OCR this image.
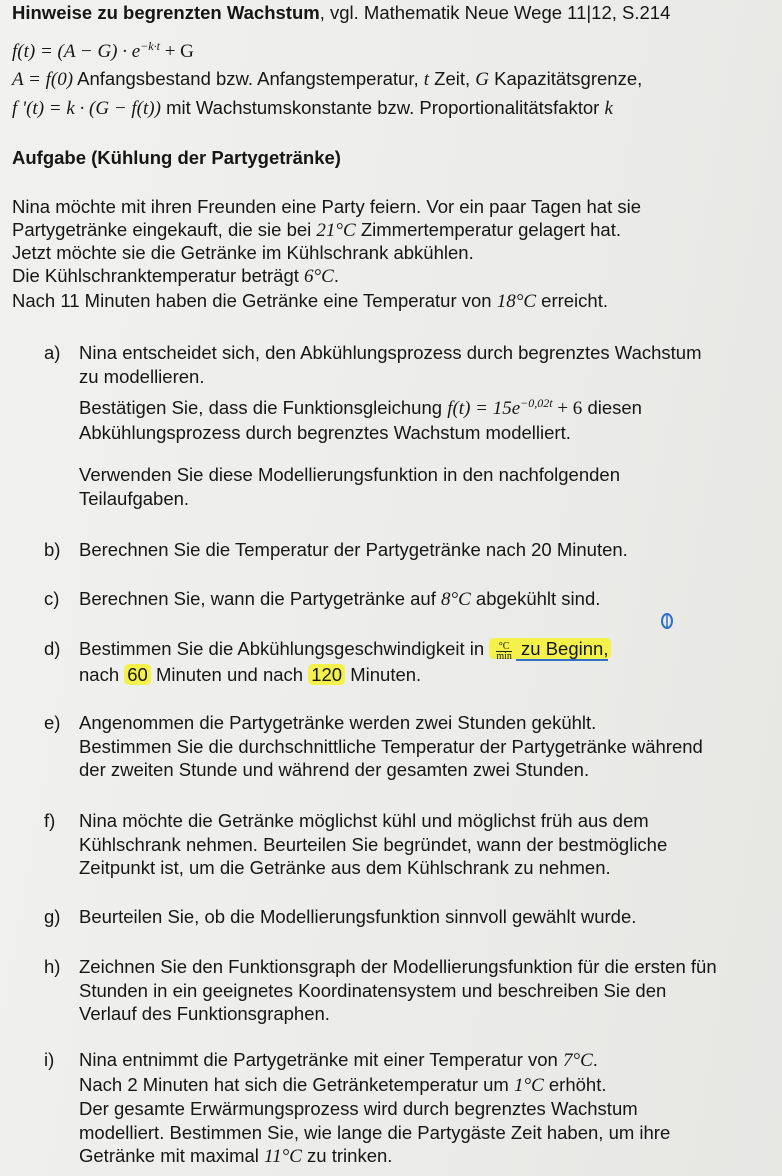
Hinweise zu begrenzten Wachstum, vgl. Mathematik Neue Wege 11|12, S.214
$f(t) = (A - G) \cdot e^{-k\cdot t} + G$
A = f(0) Anfangsbestand bzw. Anfangstemperatur, t Zeit, G Kapazitätsgrenze,
f '(t) = k · (G − f(t)) mit Wachstumskonstante bzw. Proportionalitätsfaktor k
Aufgabe (Kühlung der Partygetränke)
Nina möchte mit ihren Freunden eine Party feiern. Vor ein paar Tagen hat sie
Partygetränke eingekauft, die sie bei 21°C Zimmertemperatur gelagert hat.
Jetzt möchte sie die Getränke im Kühlschrank abkühlen.
Die Kühlschranktemperatur beträgt 6°C.
Nach 11 Minuten haben die Getränke eine Temperatur von 18°C erreicht.
a) Nina entscheidet sich, den Abkühlungsprozess durch begrenztes Wachstum
zu modellieren.
Bestätigen Sie, dass die Funktionsgleichung $f(t) = 15e^{-0,02t} + 6$ diesen
Abkühlungsprozess durch begrenztes Wachstum modelliert.
Verwenden Sie diese Modellierungsfunktion in den nachfolgenden
Teilaufgaben.
b) Berechnen Sie die Temperatur der Partygetränke nach 20 Minuten.
c) Berechnen Sie, wann die Partygetränke auf 8°C abgekühlt sind.
d) Bestimmen Sie die Abkühlungsgeschwindigkeit in $\frac{^\circ C}{\min}$ zu Beginn,
nach 60 Minuten und nach 120 Minuten.
e) Angenommen die Partygetränke werden zwei Stunden gekühlt.
Bestimmen Sie die durchschnittliche Temperatur der Partygetränke während
der zweiten Stunde und während der gesamten zwei Stunden.
f) Nina möchte die Getränke möglichst kühl und möglichst früh aus dem
Kühlschrank nehmen. Beurteilen Sie begründet, wann der bestmögliche
Zeitpunkt ist, um die Getränke aus dem Kühlschrank zu nehmen.
g) Beurteilen Sie, ob die Modellierungsfunktion sinnvoll gewählt wurde.
h) Zeichnen Sie den Funktionsgraph der Modellierungsfunktion für die ersten fün
Stunden in ein geeignetes Koordinatensystem und beschreiben Sie den
Verlauf des Funktionsgraphen.
i) Nina entnimmt die Partygetränke mit einer Temperatur von 7°C.
Nach 2 Minuten hat sich die Getränketemperatur um 1°C erhöht.
Der gesamte Erwärmungsprozess wird durch begrenztes Wachstum
modelliert. Bestimmen Sie, wie lange die Partygäste Zeit haben, um ihre
Getränke mit maximal 11°C zu trinken.
